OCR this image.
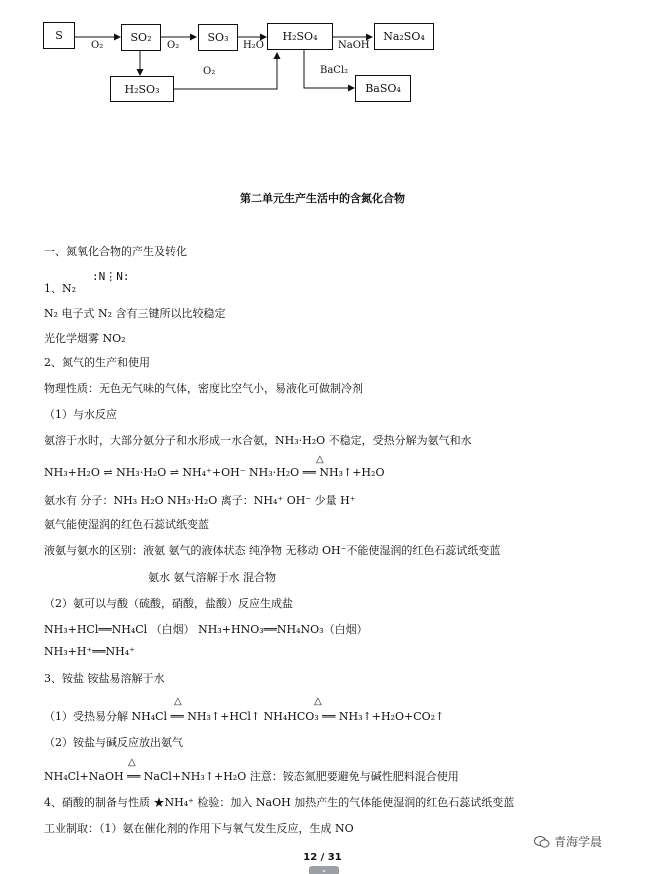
S	SO₂	SO₃	H₂SO₄	Na₂SO₄
H₂SO₃	BaSO₄
O₂	O₂	H₂O	NaOH
O₂	BaCl₂
第二单元生产生活中的含氮化合物
一、氮氧化合物的产生及转化
:N⋮N:
1、N₂
N₂ 电子式 N₂ 含有三键所以比较稳定
光化学烟雾 NO₂
2、氮气的生产和使用
物理性质：无色无气味的气体，密度比空气小，易液化可做制冷剂
（1）与水反应
氨溶于水时，大部分氨分子和水形成一水合氨，NH₃·H₂O 不稳定，受热分解为氨气和水
△
NH₃+H₂O ⇌ NH₃·H₂O ⇌ NH₄⁺+OH⁻ NH₃·H₂O ══ NH₃↑+H₂O
氨水有 分子：NH₃ H₂O NH₃·H₂O 离子：NH₄⁺ OH⁻ 少量 H⁺
氨气能使湿润的红色石蕊试纸变蓝
液氨与氨水的区别：液氨 氨气的液体状态 纯净物 无移动 OH⁻不能使湿润的红色石蕊试纸变蓝
氨水 氨气溶解于水 混合物
（2）氨可以与酸（硫酸，硝酸，盐酸）反应生成盐
NH₃+HCl══NH₄Cl （白烟） NH₃+HNO₃══NH₄NO₃（白烟）
NH₃+H⁺══NH₄⁺
3、铵盐 铵盐易溶解于水
△	△
（1）受热易分解 NH₄Cl ══ NH₃↑+HCl↑ NH₄HCO₃ ══ NH₃↑+H₂O+CO₂↑
（2）铵盐与碱反应放出氨气
△
NH₄Cl+NaOH ══ NaCl+NH₃↑+H₂O 注意：铵态氮肥要避免与碱性肥料混合使用
4、硝酸的制备与性质 ★NH₄⁺ 检验：加入 NaOH 加热产生的气体能使湿润的红色石蕊试纸变蓝
工业制取：（1）氨在催化剂的作用下与氧气发生反应，生成 NO
青海学晨
12 / 31
⌄
